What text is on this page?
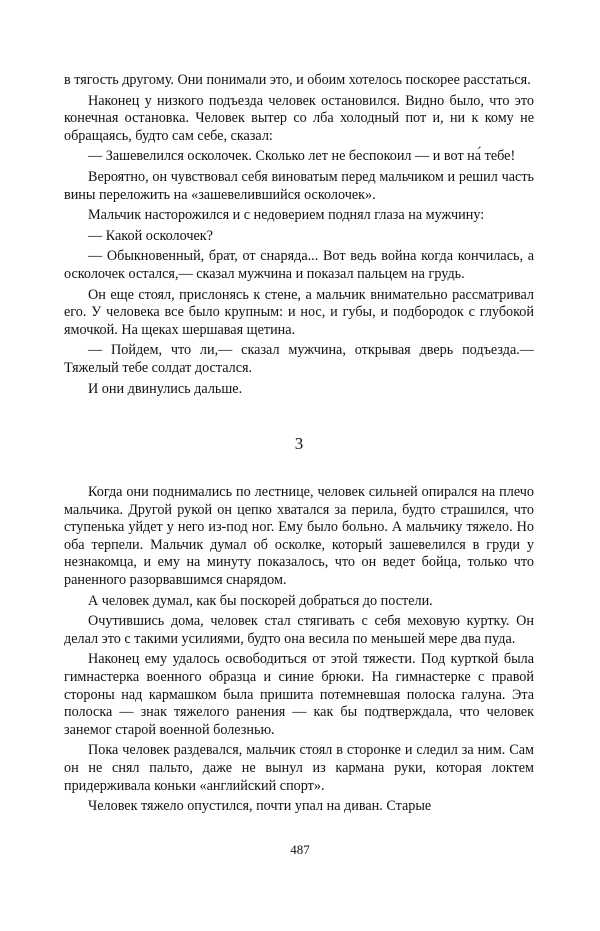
в тягость другому. Они понимали это, и обоим хотелось поскорее расстаться.

Наконец у низкого подъезда человек остановился. Видно было, что это конечная остановка. Человек вытер со лба холодный пот и, ни к кому не обращаясь, будто сам себе, сказал:

— Зашевелился осколочек. Сколько лет не беспокоил — и вот на́ тебе!

Вероятно, он чувствовал себя виноватым перед мальчиком и решил часть вины переложить на «зашевелившийся осколочек».

Мальчик насторожился и с недоверием поднял глаза на мужчину:

— Какой осколочек?

— Обыкновенный, брат, от снаряда... Вот ведь война когда кончилась, а осколочек остался,— сказал мужчина и показал пальцем на грудь.

Он еще стоял, прислонясь к стене, а мальчик внимательно рассматривал его. У человека все было крупным: и нос, и губы, и подбородок с глубокой ямочкой. На щеках шершавая щетина.

— Пойдем, что ли,— сказал мужчина, открывая дверь подъезда.— Тяжелый тебе солдат достался.

И они двинулись дальше.

3

Когда они поднимались по лестнице, человек сильней опирался на плечо мальчика. Другой рукой он цепко хватался за перила, будто страшился, что ступенька уйдет у него из-под ног. Ему было больно. А мальчику тяжело. Но оба терпели. Мальчик думал об осколке, который зашевелился в груди у незнакомца, и ему на минуту показалось, что он ведет бойца, только что раненного разорвавшимся снарядом.

А человек думал, как бы поскорей добраться до постели.

Очутившись дома, человек стал стягивать с себя меховую куртку. Он делал это с такими усилиями, будто она весила по меньшей мере два пуда.

Наконец ему удалось освободиться от этой тяжести. Под курткой была гимнастерка военного образца и синие брюки. На гимнастерке с правой стороны над кармашком была пришита потемневшая полоска галуна. Эта полоска — знак тяжелого ранения — как бы подтверждала, что человек занемог старой военной болезнью.

Пока человек раздевался, мальчик стоял в сторонке и следил за ним. Сам он не снял пальто, даже не вынул из кармана руки, которая локтем придерживала коньки «английский спорт».

Человек тяжело опустился, почти упал на диван. Старые

487
